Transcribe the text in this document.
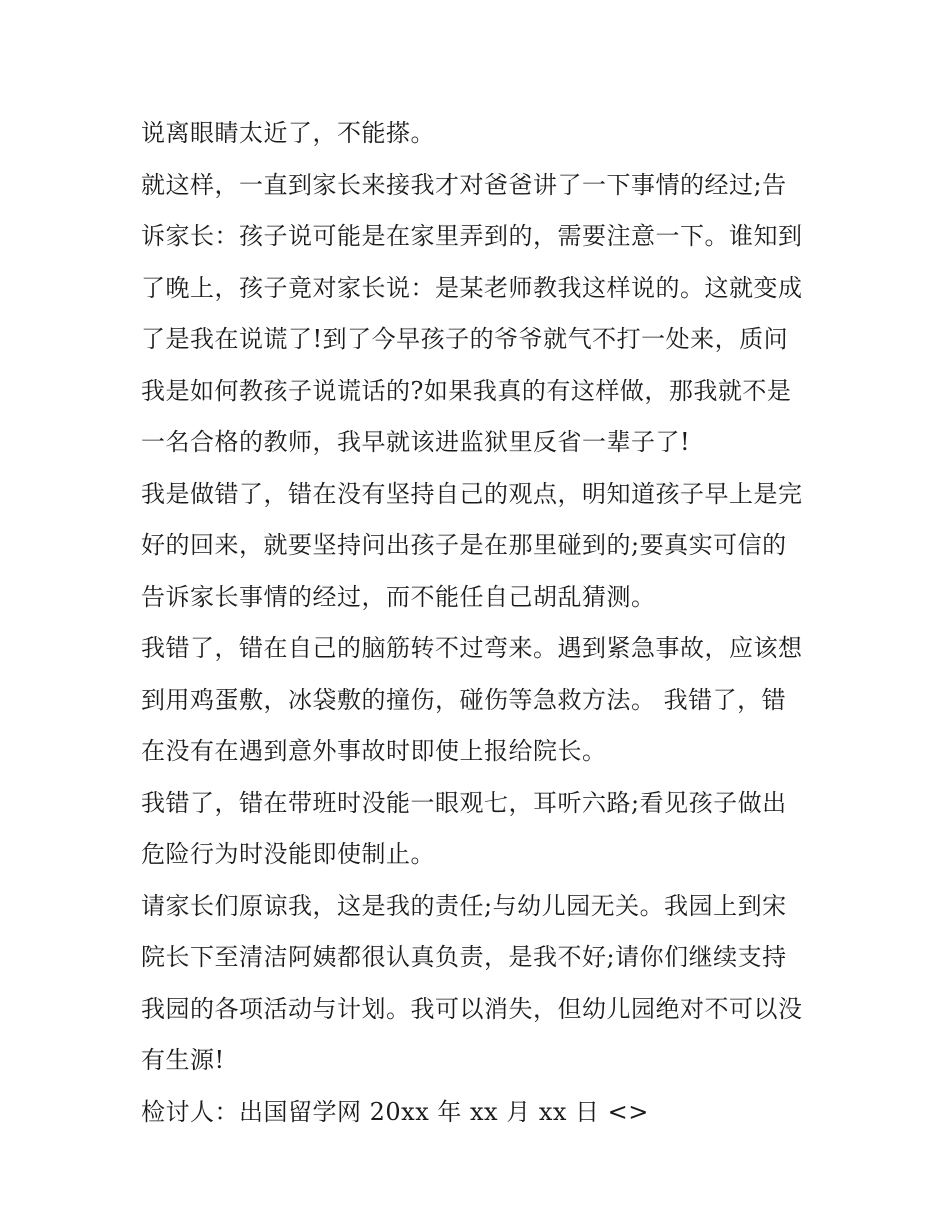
说离眼睛太近了，不能搽。

就这样，一直到家长来接我才对爸爸讲了一下事情的经过;告
诉家长：孩子说可能是在家里弄到的，需要注意一下。谁知到
了晚上，孩子竟对家长说：是某老师教我这样说的。这就变成
了是我在说谎了!到了今早孩子的爷爷就气不打一处来，质问
我是如何教孩子说谎话的?如果我真的有这样做，那我就不是
一名合格的教师，我早就该进监狱里反省一辈子了!

我是做错了，错在没有坚持自己的观点，明知道孩子早上是完
好的回来，就要坚持问出孩子是在那里碰到的;要真实可信的
告诉家长事情的经过，而不能任自己胡乱猜测。

我错了，错在自己的脑筋转不过弯来。遇到紧急事故，应该想
到用鸡蛋敷，冰袋敷的撞伤，碰伤等急救方法。 我错了，错
在没有在遇到意外事故时即使上报给院长。

我错了，错在带班时没能一眼观七，耳听六路;看见孩子做出
危险行为时没能即使制止。

请家长们原谅我，这是我的责任;与幼儿园无关。我园上到宋
院长下至清洁阿姨都很认真负责，是我不好;请你们继续支持
我园的各项活动与计划。我可以消失，但幼儿园绝对不可以没
有生源!

检讨人：出国留学网 20xx 年 xx 月 xx 日 <>
